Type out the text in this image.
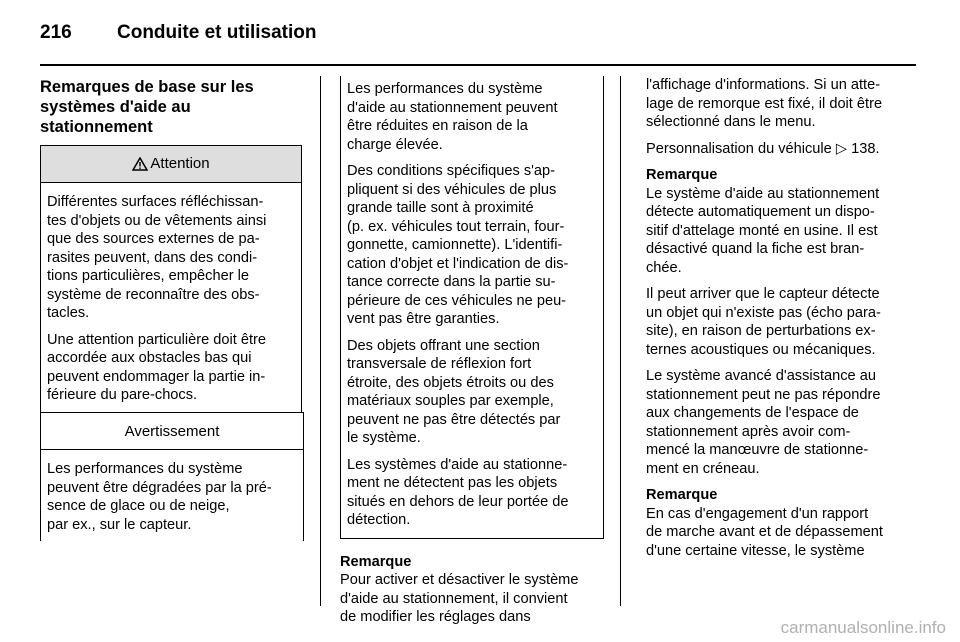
216 Conduite et utilisation
Remarques de base sur les
systèmes d'aide au
stationnement
Attention

Différentes surfaces réfléchissan-
tes d'objets ou de vêtements ainsi
que des sources externes de pa-
rasites peuvent, dans des condi-
tions particulières, empêcher le
système de reconnaître des obs-
tacles.

Une attention particulière doit être
accordée aux obstacles bas qui
peuvent endommager la partie in-
férieure du pare-chocs.

Avertissement
Les performances du système
peuvent être dégradées par la pré-
sence de glace ou de neige,
par ex., sur le capteur.

Les performances du système
d'aide au stationnement peuvent
être réduites en raison de la
charge élevée.

Des conditions spécifiques s'ap-
pliquent si des véhicules de plus
grande taille sont à proximité
(p. ex. véhicules tout terrain, four-
gonnette, camionnette). L'identifi-
cation d'objet et l'indication de dis-
tance correcte dans la partie su-
périeure de ces véhicules ne peu-
vent pas être garanties.

Des objets offrant une section
transversale de réflexion fort
étroite, des objets étroits ou des
matériaux souples par exemple,
peuvent ne pas être détectés par
le système.

Les systèmes d'aide au stationne-
ment ne détectent pas les objets
situés en dehors de leur portée de
détection.

Remarque
Pour activer et désactiver le système
d'aide au stationnement, il convient
de modifier les réglages dans

l'affichage d'informations. Si un atte-
lage de remorque est fixé, il doit être
sélectionné dans le menu.

Personnalisation du véhicule ▷ 138.

Remarque

Le système d'aide au stationnement
détecte automatiquement un dispo-
sitif d'attelage monté en usine. Il est
désactivé quand la fiche est bran-
chée.

Il peut arriver que le capteur détecte
un objet qui n'existe pas (écho para-
site), en raison de perturbations ex-
ternes acoustiques ou mécaniques.

Le système avancé d'assistance au
stationnement peut ne pas répondre
aux changements de l'espace de
stationnement après avoir com-
mencé la manœuvre de stationne-
ment en créneau.

Remarque
En cas d'engagement d'un rapport
de marche avant et de dépassement
d'une certaine vitesse, le système
carmanualsonline.info
